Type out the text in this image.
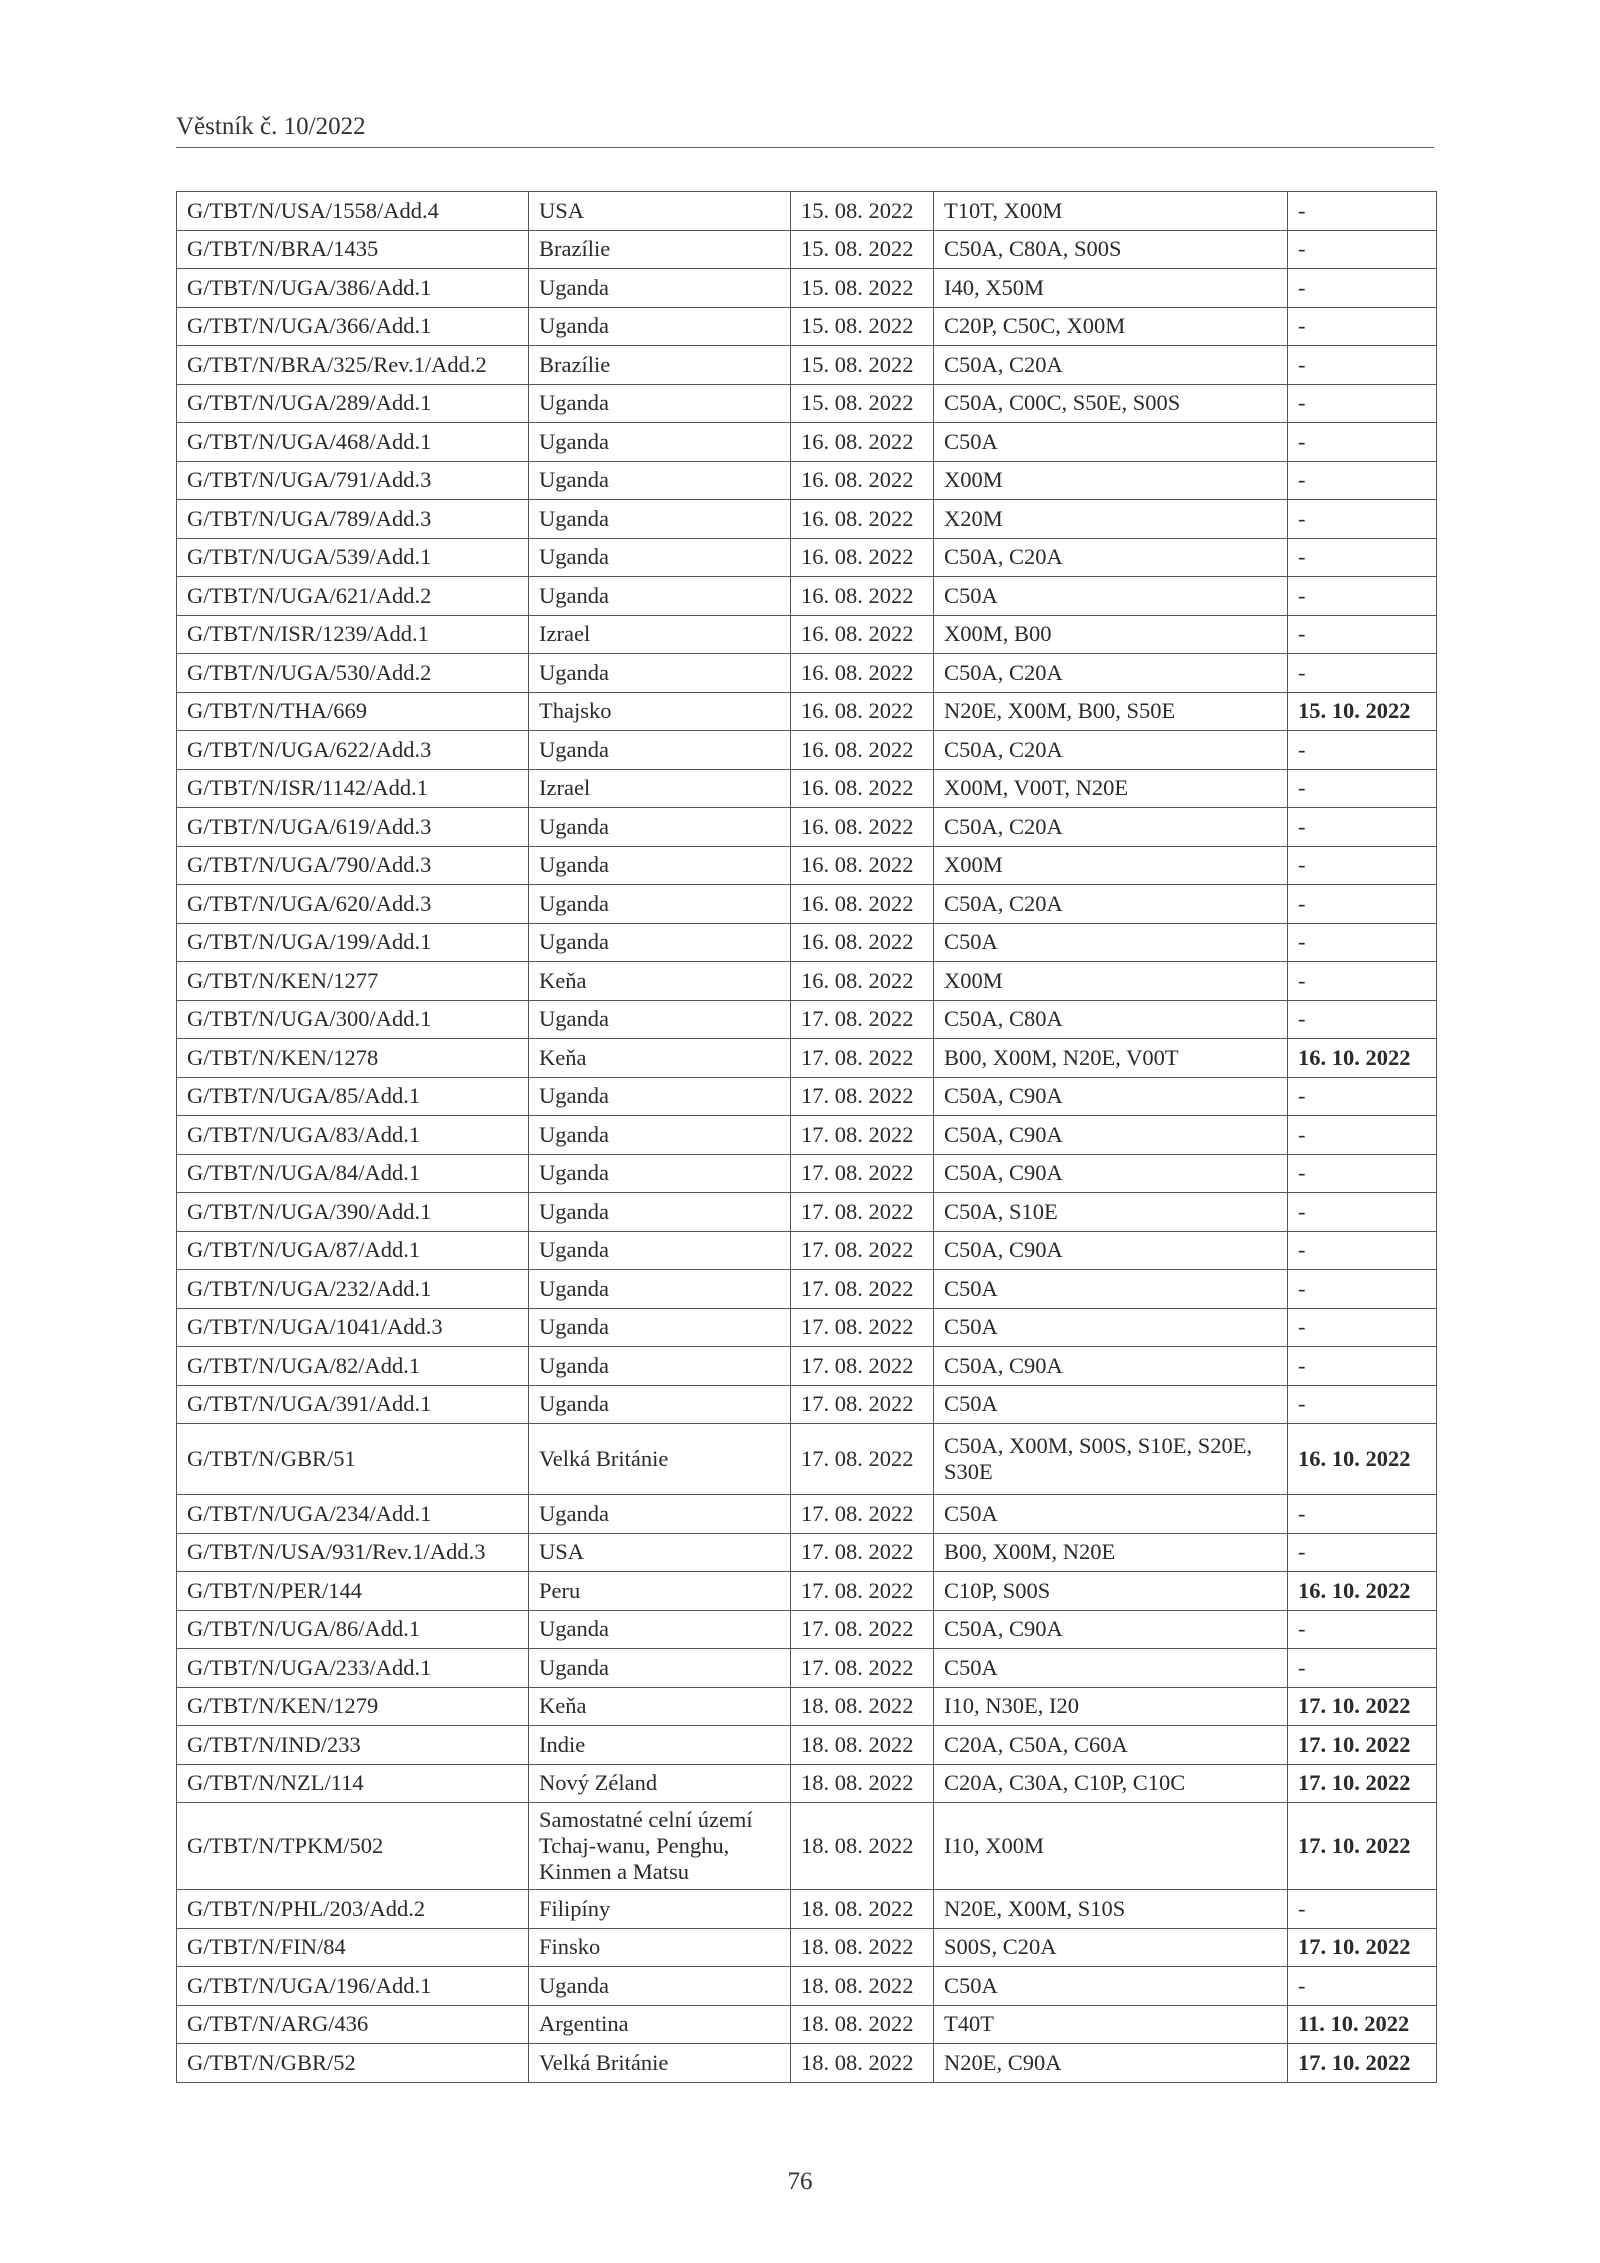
Věstník č. 10/2022
G/TBT/N/USA/1558/Add.4	USA	15. 08. 2022	T10T, X00M	-
G/TBT/N/BRA/1435	Brazílie	15. 08. 2022	C50A, C80A, S00S	-
G/TBT/N/UGA/386/Add.1	Uganda	15. 08. 2022	I40, X50M	-
G/TBT/N/UGA/366/Add.1	Uganda	15. 08. 2022	C20P, C50C, X00M	-
G/TBT/N/BRA/325/Rev.1/Add.2	Brazílie	15. 08. 2022	C50A, C20A	-
G/TBT/N/UGA/289/Add.1	Uganda	15. 08. 2022	C50A, C00C, S50E, S00S	-
G/TBT/N/UGA/468/Add.1	Uganda	16. 08. 2022	C50A	-
G/TBT/N/UGA/791/Add.3	Uganda	16. 08. 2022	X00M	-
G/TBT/N/UGA/789/Add.3	Uganda	16. 08. 2022	X20M	-
G/TBT/N/UGA/539/Add.1	Uganda	16. 08. 2022	C50A, C20A	-
G/TBT/N/UGA/621/Add.2	Uganda	16. 08. 2022	C50A	-
G/TBT/N/ISR/1239/Add.1	Izrael	16. 08. 2022	X00M, B00	-
G/TBT/N/UGA/530/Add.2	Uganda	16. 08. 2022	C50A, C20A	-
G/TBT/N/THA/669	Thajsko	16. 08. 2022	N20E, X00M, B00, S50E	15. 10. 2022
G/TBT/N/UGA/622/Add.3	Uganda	16. 08. 2022	C50A, C20A	-
G/TBT/N/ISR/1142/Add.1	Izrael	16. 08. 2022	X00M, V00T, N20E	-
G/TBT/N/UGA/619/Add.3	Uganda	16. 08. 2022	C50A, C20A	-
G/TBT/N/UGA/790/Add.3	Uganda	16. 08. 2022	X00M	-
G/TBT/N/UGA/620/Add.3	Uganda	16. 08. 2022	C50A, C20A	-
G/TBT/N/UGA/199/Add.1	Uganda	16. 08. 2022	C50A	-
G/TBT/N/KEN/1277	Keňa	16. 08. 2022	X00M	-
G/TBT/N/UGA/300/Add.1	Uganda	17. 08. 2022	C50A, C80A	-
G/TBT/N/KEN/1278	Keňa	17. 08. 2022	B00, X00M, N20E, V00T	16. 10. 2022
G/TBT/N/UGA/85/Add.1	Uganda	17. 08. 2022	C50A, C90A	-
G/TBT/N/UGA/83/Add.1	Uganda	17. 08. 2022	C50A, C90A	-
G/TBT/N/UGA/84/Add.1	Uganda	17. 08. 2022	C50A, C90A	-
G/TBT/N/UGA/390/Add.1	Uganda	17. 08. 2022	C50A, S10E	-
G/TBT/N/UGA/87/Add.1	Uganda	17. 08. 2022	C50A, C90A	-
G/TBT/N/UGA/232/Add.1	Uganda	17. 08. 2022	C50A	-
G/TBT/N/UGA/1041/Add.3	Uganda	17. 08. 2022	C50A	-
G/TBT/N/UGA/82/Add.1	Uganda	17. 08. 2022	C50A, C90A	-
G/TBT/N/UGA/391/Add.1	Uganda	17. 08. 2022	C50A	-
G/TBT/N/GBR/51	Velká Británie	17. 08. 2022	C50A, X00M, S00S, S10E, S20E, S30E	16. 10. 2022
G/TBT/N/UGA/234/Add.1	Uganda	17. 08. 2022	C50A	-
G/TBT/N/USA/931/Rev.1/Add.3	USA	17. 08. 2022	B00, X00M, N20E	-
G/TBT/N/PER/144	Peru	17. 08. 2022	C10P, S00S	16. 10. 2022
G/TBT/N/UGA/86/Add.1	Uganda	17. 08. 2022	C50A, C90A	-
G/TBT/N/UGA/233/Add.1	Uganda	17. 08. 2022	C50A	-
G/TBT/N/KEN/1279	Keňa	18. 08. 2022	I10, N30E, I20	17. 10. 2022
G/TBT/N/IND/233	Indie	18. 08. 2022	C20A, C50A, C60A	17. 10. 2022
G/TBT/N/NZL/114	Nový Zéland	18. 08. 2022	C20A, C30A, C10P, C10C	17. 10. 2022
G/TBT/N/TPKM/502	Samostatné celní území Tchaj-wanu, Penghu, Kinmen a Matsu	18. 08. 2022	I10, X00M	17. 10. 2022
G/TBT/N/PHL/203/Add.2	Filipíny	18. 08. 2022	N20E, X00M, S10S	-
G/TBT/N/FIN/84	Finsko	18. 08. 2022	S00S, C20A	17. 10. 2022
G/TBT/N/UGA/196/Add.1	Uganda	18. 08. 2022	C50A	-
G/TBT/N/ARG/436	Argentina	18. 08. 2022	T40T	11. 10. 2022
G/TBT/N/GBR/52	Velká Británie	18. 08. 2022	N20E, C90A	17. 10. 2022
76
